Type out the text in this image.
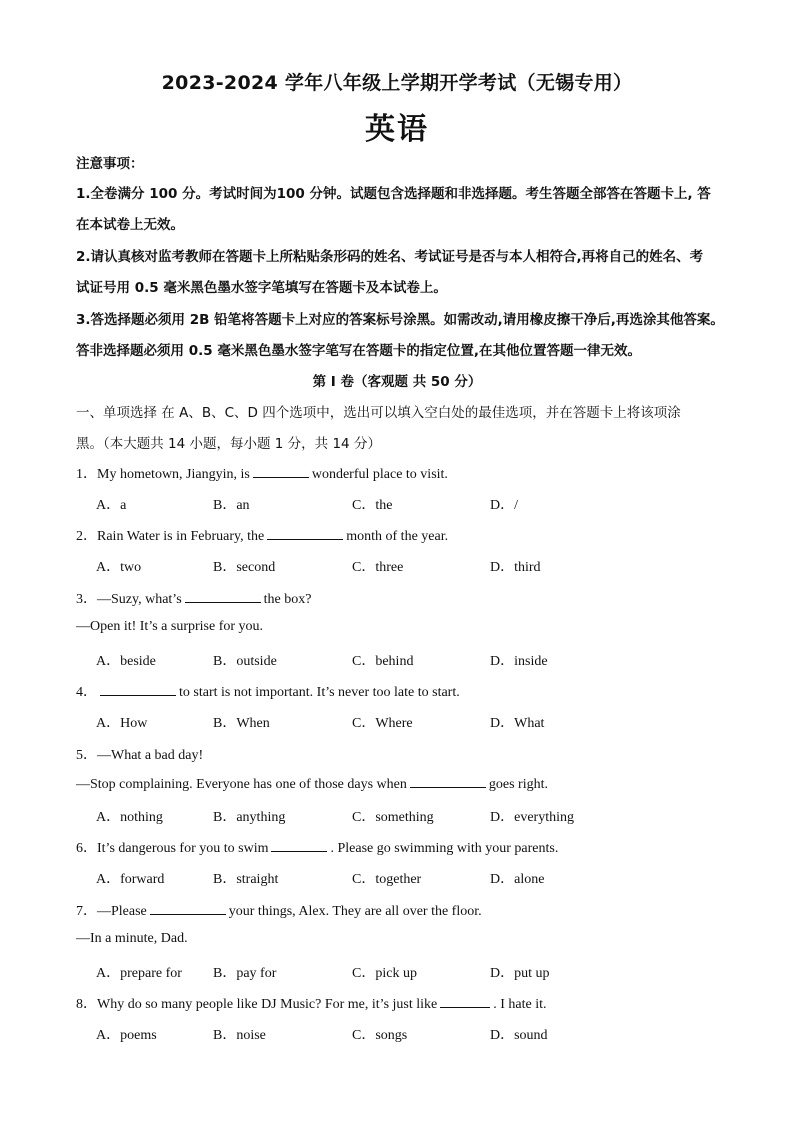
2023-2024 学年八年级上学期开学考试（无锡专用）
英语
注意事项：
1.全卷满分 100 分。考试时间为100 分钟。试题包含选择题和非选择题。考生答题全部答在答题卡上, 答
在本试卷上无效。
2.请认真核对监考教师在答题卡上所粘贴条形码的姓名、考试证号是否与本人相符合,再将自己的姓名、考
试证号用 0.5 毫米黑色墨水签字笔填写在答题卡及本试卷上。
3.答选择题必须用 2B 铅笔将答题卡上对应的答案标号涂黑。如需改动,请用橡皮擦干净后,再选涂其他答案。
答非选择题必须用 0.5 毫米黑色墨水签字笔写在答题卡的指定位置,在其他位置答题一律无效。
第 I 卷（客观题 共 50 分）
一、单项选择 在 A、B、C、D 四个选项中，选出可以填入空白处的最佳选项，并在答题卡上将该项涂
黑。（本大题共 14 小题，每小题 1 分，共 14 分）
1．My hometown, Jiangyin, is	wonderful place to visit.
A．a	B．an	C．the	D．/
2．Rain Water is in February, the	month of the year.
A．two	B．second	C．three	D．third
3．—Suzy, what’s	the box?
—Open it! It’s a surprise for you.
A．beside	B．outside	C．behind	D．inside
4．	to start is not important. It’s never too late to start.
A．How	B．When	C．Where	D．What
5．—What a bad day!
—Stop complaining. Everyone has one of those days when	goes right.
A．nothing	B．anything	C．something	D．everything
6．It’s dangerous for you to swim	. Please go swimming with your parents.
A．forward	B．straight	C．together	D．alone
7．—Please	your things, Alex. They are all over the floor.
—In a minute, Dad.
A．prepare for B．pay for	C．pick up	D．put up
8．Why do so many people like DJ Music? For me, it’s just like	. I hate it.
A．poems	B．noise	C．songs	D．sound
